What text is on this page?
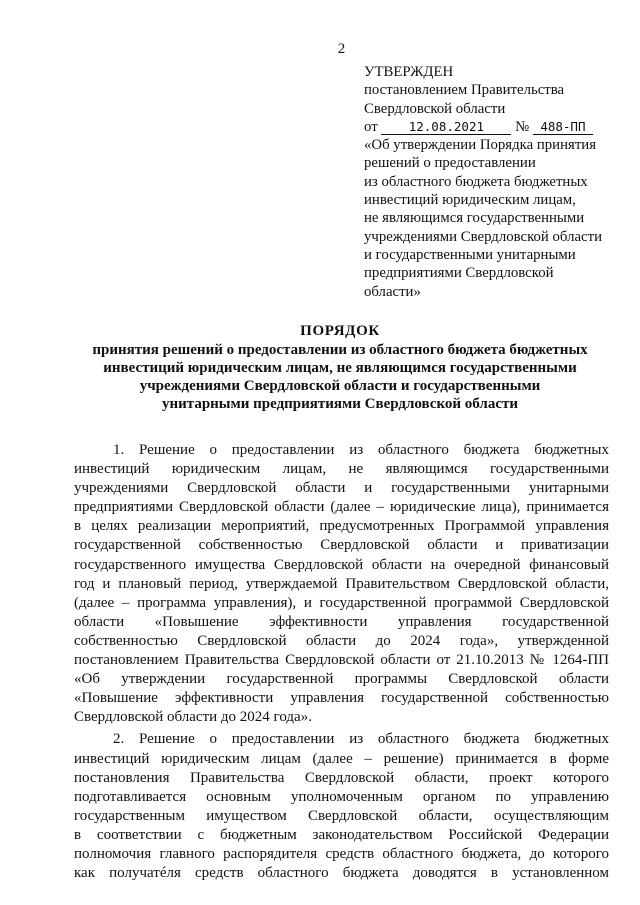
2
УТВЕРЖДЕН
постановлением Правительства
Свердловской области
от 12.08.2021 № 488-ПП
«Об утверждении Порядка принятия
решений о предоставлении
из областного бюджета бюджетных
инвестиций юридическим лицам,
не являющимся государственными
учреждениями Свердловской области
и государственными унитарными
предприятиями Свердловской
области»
ПОРЯДОК
принятия решений о предоставлении из областного бюджета бюджетных
инвестиций юридическим лицам, не являющимся государственными
учреждениями Свердловской области и государственными
унитарными предприятиями Свердловской области
1. Решение о предоставлении из областного бюджета бюджетных
инвестиций юридическим лицам, не являющимся государственными
учреждениями Свердловской области и государственными унитарными
предприятиями Свердловской области (далее – юридические лица), принимается
в целях реализации мероприятий, предусмотренных Программой управления
государственной собственностью Свердловской области и приватизации
государственного имущества Свердловской области на очередной финансовый
год и плановый период, утверждаемой Правительством Свердловской области,
(далее – программа управления), и государственной программой Свердловской
области «Повышение эффективности управления государственной
собственностью Свердловской области до 2024 года», утвержденной
постановлением Правительства Свердловской области от 21.10.2013 № 1264-ПП
«Об утверждении государственной программы Свердловской области
«Повышение эффективности управления государственной собственностью
Свердловской области до 2024 года».
2. Решение о предоставлении из областного бюджета бюджетных
инвестиций юридическим лицам (далее – решение) принимается в форме
постановления Правительства Свердловской области, проект которого
подготавливается основным уполномоченным органом по управлению
государственным имуществом Свердловской области, осуществляющим
в соответствии с бюджетным законодательством Российской Федерации
полномочия главного распорядителя средств областного бюджета, до которого
как получатéля средств областного бюджета доводятся в установленном
